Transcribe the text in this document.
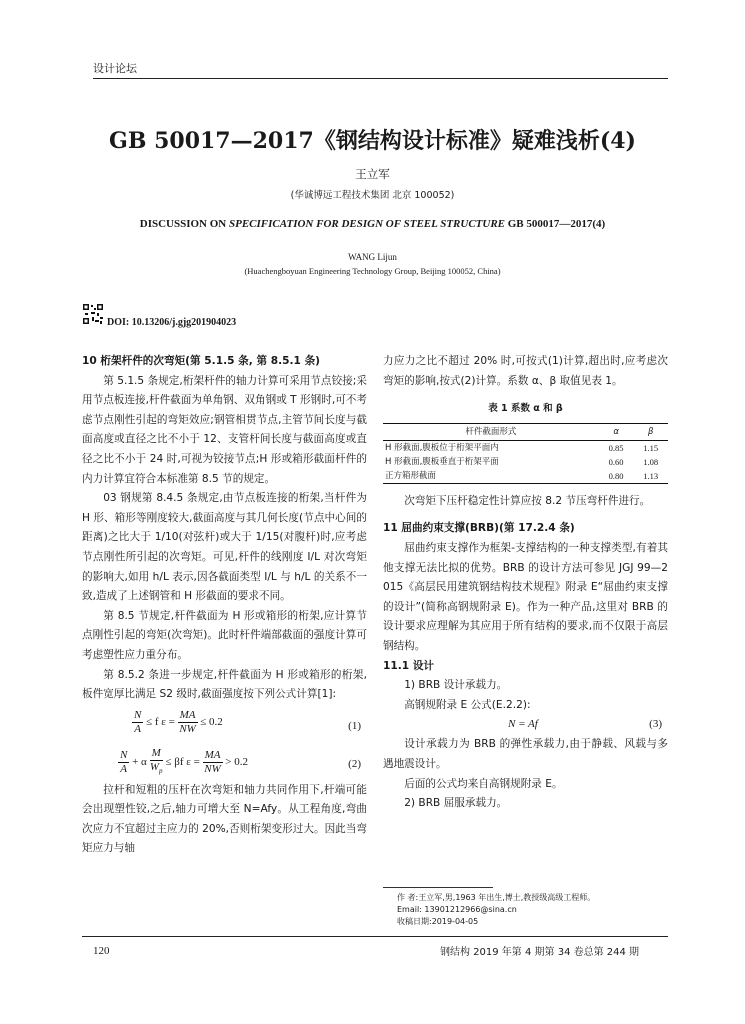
设计论坛
GB 50017—2017《钢结构设计标准》疑难浅析(4)
王立军
(华诚博远工程技术集团 北京 100052)
DISCUSSION ON SPECIFICATION FOR DESIGN OF STEEL STRUCTURE GB 500017—2017(4)
WANG Lijun
(Huachengboyuan Engineering Technology Group, Beijing 100052, China)
DOI: 10.13206/j.gjg201904023

10 桁架杆件的次弯矩(第 5.1.5 条, 第 8.5.1 条)

第 5.1.5 条规定,桁架杆件的轴力计算可采用节点铰接;采用节点板连接,杆件截面为单角钢、双角钢或 T 形钢时,可不考虑节点刚性引起的弯矩效应;钢管相贯节点,主管节间长度与截面高度或直径之比不小于 12、支管杆间长度与截面高度或直径之比不小于 24 时,可视为铰接节点;H 形或箱形截面杆件的内力计算宜符合本标准第 8.5 节的规定。

03 钢规第 8.4.5 条规定,由节点板连接的桁架,当杆件为 H 形、箱形等刚度较大,截面高度与其几何长度(节点中心间的距离)之比大于 1/10(对弦杆)或大于 1/15(对腹杆)时,应考虑节点刚性所引起的次弯矩。可见,杆件的线刚度 I/L 对次弯矩的影响大,如用 h/L 表示,因各截面类型 I/L 与 h/L 的关系不一致,造成了上述钢管和 H 形截面的要求不同。

第 8.5 节规定,杆件截面为 H 形或箱形的桁架,应计算节点刚性引起的弯矩(次弯矩)。此时杆件端部截面的强度计算可考虑塑性应力重分布。

第 8.5.2 条进一步规定,杆件截面为 H 形或箱形的桁架,板件宽厚比满足 S2 级时,截面强度按下列公式计算[1]:

$\frac{N}{A} \le f$ $\varepsilon = \frac{MA}{NW} \le 0.2$	(1)
$\frac{N}{A} + \alpha \frac{M}{W_p} \le \beta f$ $\varepsilon = \frac{MA}{NW} > 0.2$	(2)

拉杆和短粗的压杆在次弯矩和轴力共同作用下,杆端可能会出现塑性铰,之后,轴力可增大至 N=Afy。从工程角度,弯曲次应力不宜超过主应力的 20%,否则桁架变形过大。因此当弯矩应力与轴

力应力之比不超过 20% 时,可按式(1)计算,超出时,应考虑次弯矩的影响,按式(2)计算。系数 α、β 取值见表 1。

表 1 系数 α 和 β
杆件截面形式	α	β
H 形截面,腹板位于桁架平面内	0.85	1.15
H 形截面,腹板垂直于桁架平面	0.60	1.08
正方箱形截面	0.80	1.13

次弯矩下压杆稳定性计算应按 8.2 节压弯杆件进行。

11 屈曲约束支撑(BRB)(第 17.2.4 条)

屈曲约束支撑作为框架-支撑结构的一种支撑类型,有着其他支撑无法比拟的优势。BRB 的设计方法可参见 JGJ 99—2015《高层民用建筑钢结构技术规程》附录 E“屈曲约束支撑的设计”(简称高钢规附录 E)。作为一种产品,这里对 BRB 的设计要求应理解为其应用于所有结构的要求,而不仅限于高层钢结构。

11.1 设计

1) BRB 设计承载力。

高钢规附录 E 公式(E.2.2):

N = Af	(3)

设计承载力为 BRB 的弹性承载力,由于静载、风载与多遇地震设计。

后面的公式均来自高钢规附录 E。

2) BRB 屈服承载力。

作 者:王立军,男,1963 年出生,博士,教授级高级工程师。
Email: 13901212966@sina.cn
收稿日期:2019-04-05
120	钢结构 2019 年第 4 期第 34 卷总第 244 期
